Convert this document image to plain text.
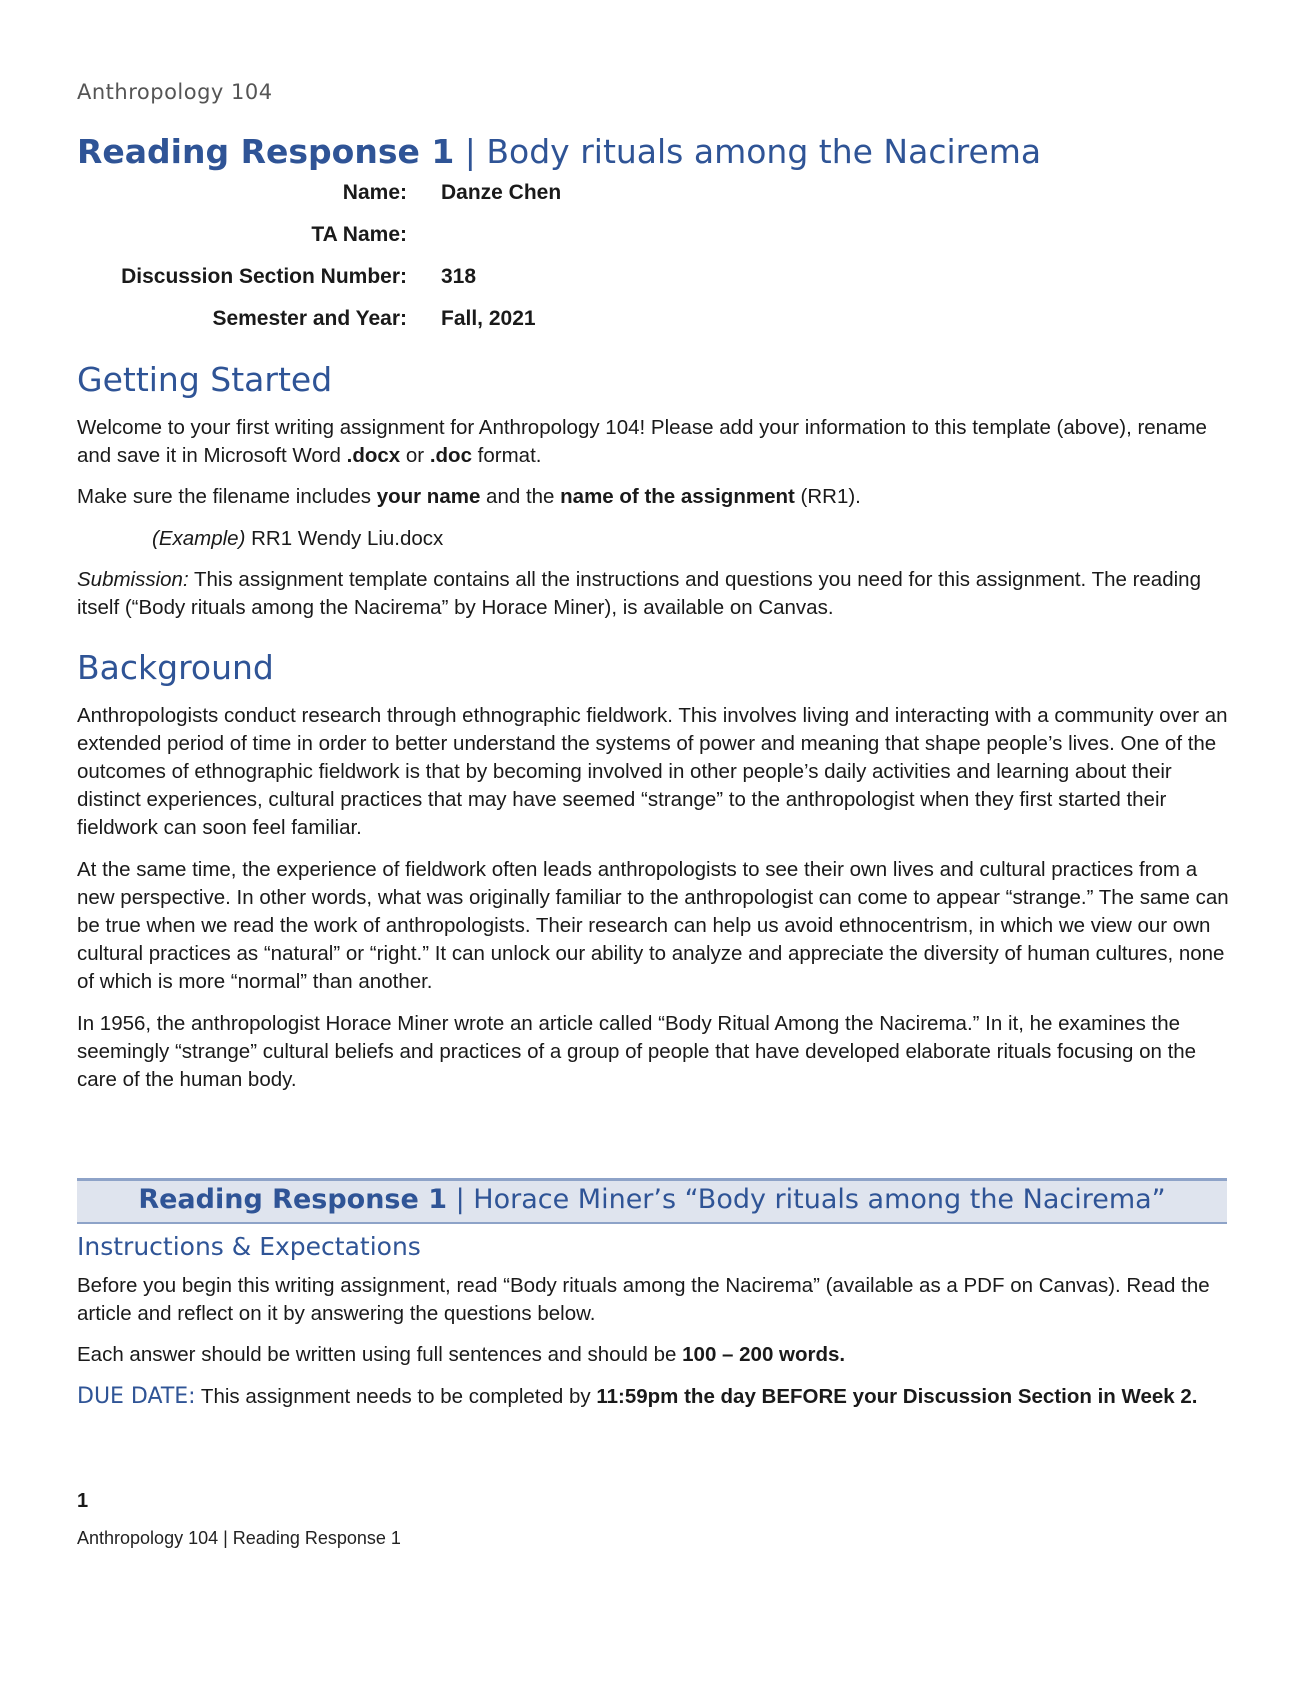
Anthropology 104
Reading Response 1 | Body rituals among the Nacirema
Name: Danze Chen
TA Name:
Discussion Section Number: 318
Semester and Year: Fall, 2021
Getting Started

Welcome to your first writing assignment for Anthropology 104! Please add your information to this template (above), rename and save it in Microsoft Word .docx or .doc format.

Make sure the filename includes your name and the name of the assignment (RR1).

(Example) RR1 Wendy Liu.docx

Submission: This assignment template contains all the instructions and questions you need for this assignment. The reading itself (“Body rituals among the Nacirema” by Horace Miner), is available on Canvas.

Background

Anthropologists conduct research through ethnographic fieldwork. This involves living and interacting with a community over an extended period of time in order to better understand the systems of power and meaning that shape people’s lives. One of the outcomes of ethnographic fieldwork is that by becoming involved in other people’s daily activities and learning about their distinct experiences, cultural practices that may have seemed “strange” to the anthropologist when they first started their fieldwork can soon feel familiar.

At the same time, the experience of fieldwork often leads anthropologists to see their own lives and cultural practices from a new perspective. In other words, what was originally familiar to the anthropologist can come to appear “strange.” The same can be true when we read the work of anthropologists. Their research can help us avoid ethnocentrism, in which we view our own cultural practices as “natural” or “right.” It can unlock our ability to analyze and appreciate the diversity of human cultures, none of which is more “normal” than another.

In 1956, the anthropologist Horace Miner wrote an article called “Body Ritual Among the Nacirema.” In it, he examines the seemingly “strange” cultural beliefs and practices of a group of people that have developed elaborate rituals focusing on the care of the human body.

Reading Response 1 | Horace Miner’s “Body rituals among the Nacirema”
Instructions & Expectations

Before you begin this writing assignment, read “Body rituals among the Nacirema” (available as a PDF on Canvas). Read the article and reflect on it by answering the questions below.

Each answer should be written using full sentences and should be 100 – 200 words.

DUE DATE: This assignment needs to be completed by 11:59pm the day BEFORE your Discussion Section in Week 2.

1
Anthropology 104 | Reading Response 1
